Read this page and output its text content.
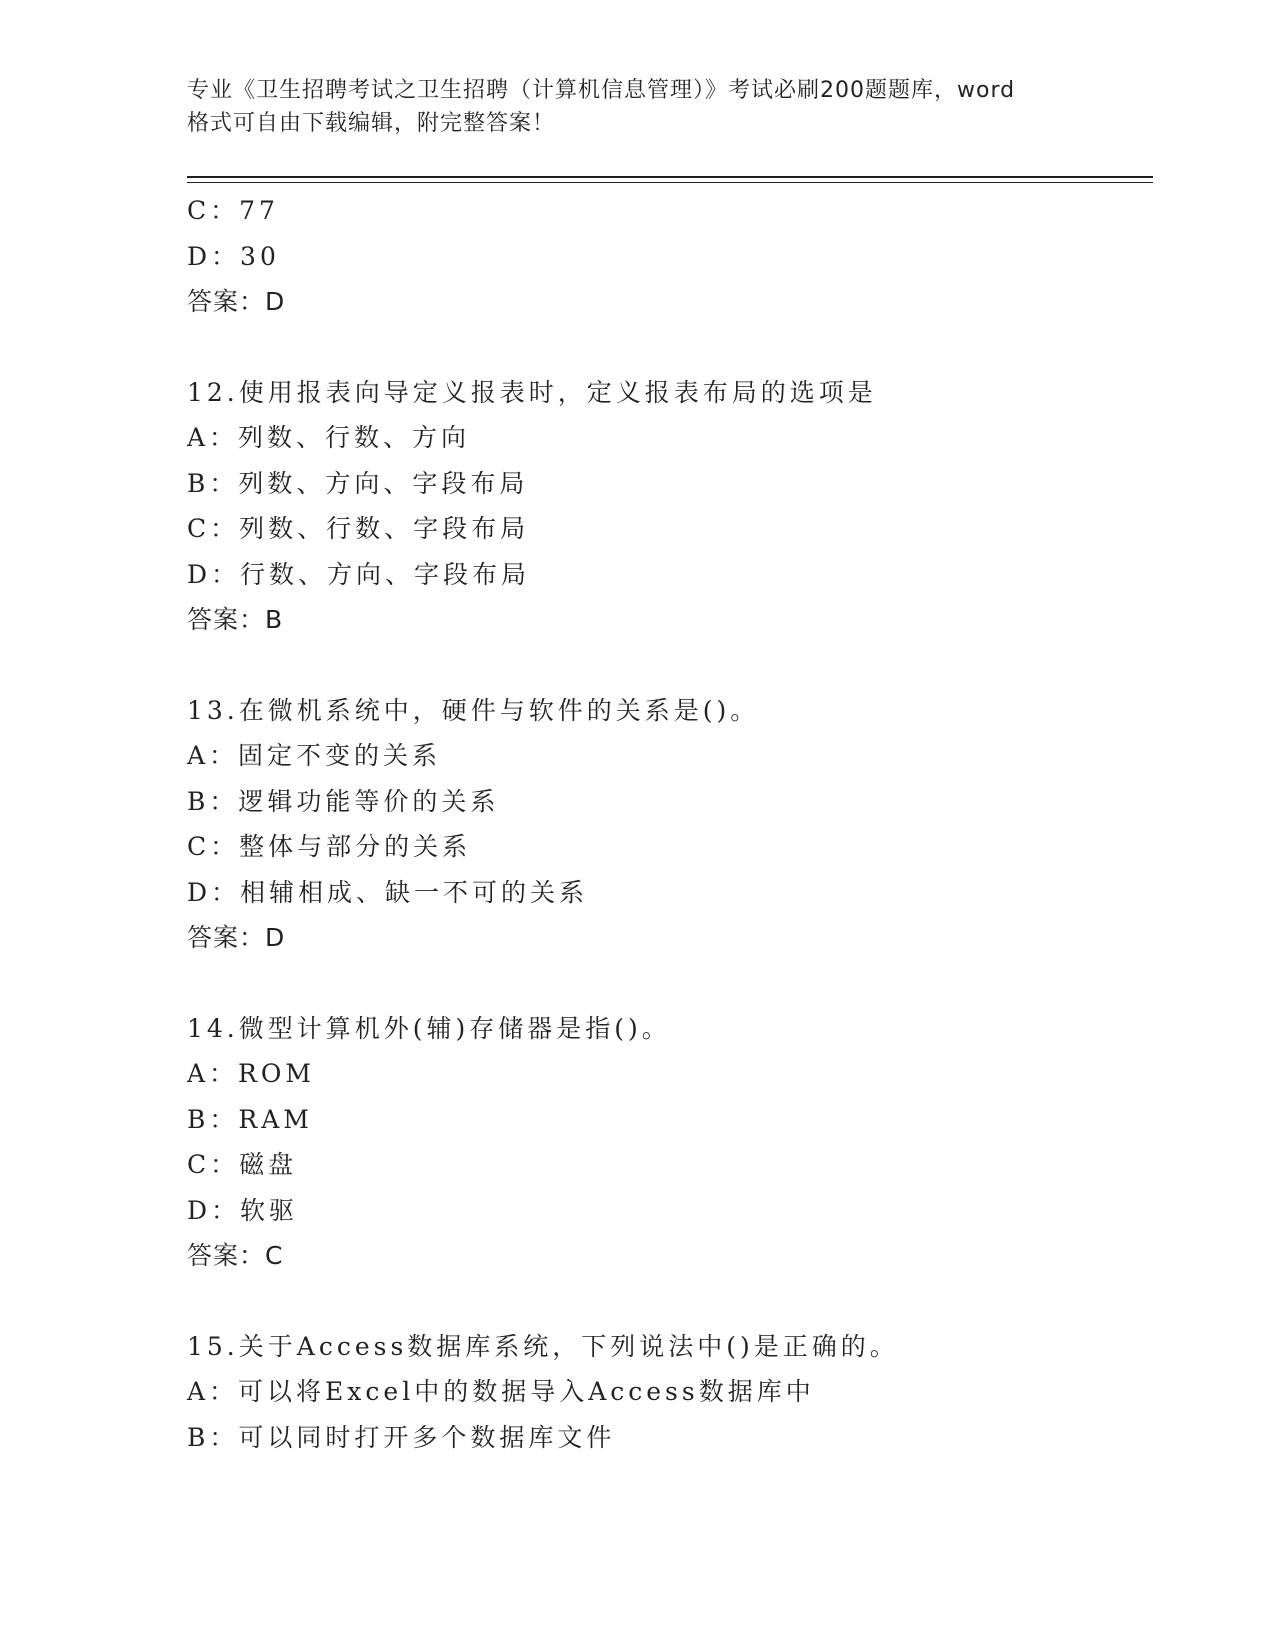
专业《卫生招聘考试之卫生招聘（计算机信息管理）》考试必刷200题题库，word
格式可自由下载编辑，附完整答案！
C：77
D：30
答案：D
12.使用报表向导定义报表时，定义报表布局的选项是
A：列数、行数、方向
B：列数、方向、字段布局
C：列数、行数、字段布局
D：行数、方向、字段布局
答案：B
13.在微机系统中，硬件与软件的关系是()。
A：固定不变的关系
B：逻辑功能等价的关系
C：整体与部分的关系
D：相辅相成、缺一不可的关系
答案：D
14.微型计算机外(辅)存储器是指()。
A：ROM
B：RAM
C：磁盘
D：软驱
答案：C
15.关于Access数据库系统，下列说法中()是正确的。
A：可以将Excel中的数据导入Access数据库中
B：可以同时打开多个数据库文件
